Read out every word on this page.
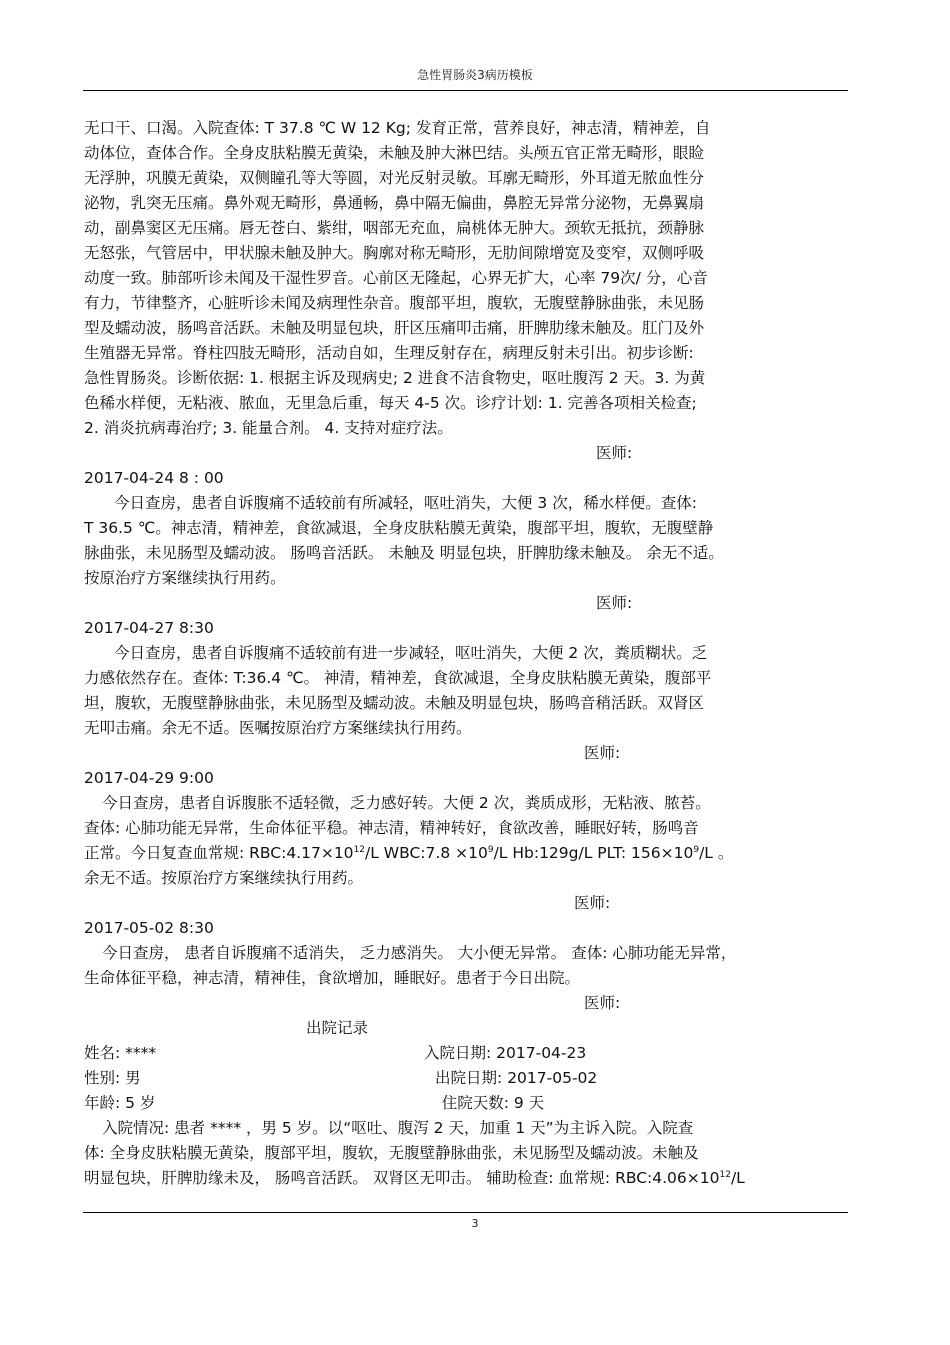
急性胃肠炎3病历模板
无口干、口渴。入院查体: T 37.8 ℃ W 12 Kg; 发育正常，营养良好，神志清，精神差，自
动体位，查体合作。全身皮肤粘膜无黄染，未触及肿大淋巴结。头颅五官正常无畸形，眼睑
无浮肿，巩膜无黄染，双侧瞳孔等大等圆，对光反射灵敏。耳廓无畸形，外耳道无脓血性分
泌物，乳突无压痛。鼻外观无畸形，鼻通畅，鼻中隔无偏曲，鼻腔无异常分泌物，无鼻翼扇
动，副鼻窦区无压痛。唇无苍白、紫绀，咽部无充血，扁桃体无肿大。颈软无抵抗，颈静脉
无怒张，气管居中，甲状腺未触及肿大。胸廓对称无畸形，无肋间隙增宽及变窄，双侧呼吸
动度一致。肺部听诊未闻及干湿性罗音。心前区无隆起，心界无扩大，心率 79次/ 分，心音
有力，节律整齐，心脏听诊未闻及病理性杂音。腹部平坦，腹软，无腹壁静脉曲张，未见肠
型及蠕动波，肠鸣音活跃。未触及明显包块，肝区压痛叩击痛，肝脾肋缘未触及。肛门及外
生殖器无异常。脊柱四肢无畸形，活动自如，生理反射存在，病理反射未引出。初步诊断:
急性胃肠炎。诊断依据: 1. 根据主诉及现病史; 2 进食不洁食物史，呕吐腹泻 2 天。3. 为黄
色稀水样便，无粘液、脓血，无里急后重，每天 4-5 次。诊疗计划: 1. 完善各项相关检查;
2. 消炎抗病毒治疗; 3. 能量合剂。 4. 支持对症疗法。
医师:
2017-04-24 8 : 00
今日查房，患者自诉腹痛不适较前有所减轻，呕吐消失，大便 3 次，稀水样便。查体:
T 36.5 ℃。神志清，精神差，食欲减退，全身皮肤粘膜无黄染，腹部平坦，腹软，无腹壁静
脉曲张，未见肠型及蠕动波。 肠鸣音活跃。 未触及 明显包块，肝脾肋缘未触及。 余无不适。
按原治疗方案继续执行用药。
医师:
2017-04-27 8:30
今日查房，患者自诉腹痛不适较前有进一步减轻，呕吐消失，大便 2 次，粪质糊状。乏
力感依然存在。查体: T:36.4 ℃。 神清，精神差，食欲减退，全身皮肤粘膜无黄染，腹部平
坦，腹软，无腹壁静脉曲张，未见肠型及蠕动波。未触及明显包块，肠鸣音稍活跃。双肾区
无叩击痛。余无不适。医嘱按原治疗方案继续执行用药。
医师:
2017-04-29 9:00
今日查房，患者自诉腹胀不适轻微，乏力感好转。大便 2 次，粪质成形，无粘液、脓苔。
查体: 心肺功能无异常，生命体征平稳。神志清，精神转好，食欲改善，睡眠好转，肠鸣音
正常。今日复查血常规: $RBC:4.17\times 10^{12}/L$ WBC:7.8 $\times 10^9/L$ Hb:129g/L PLT: $156\times 10^9/L$ 。
余无不适。按原治疗方案继续执行用药。
医师:
2017-05-02 8:30
今日查房， 患者自诉腹痛不适消失， 乏力感消失。 大小便无异常。 查体: 心肺功能无异常，
生命体征平稳，神志清，精神佳，食欲增加，睡眠好。患者于今日出院。
医师:
出院记录
姓名: ****	入院日期: 2017-04-23
性别: 男	出院日期: 2017-05-02
年龄: 5 岁	住院天数: 9 天
入院情况: 患者 **** ，男 5 岁。以“呕吐、腹泻 2 天，加重 1 天”为主诉入院。入院查
体: 全身皮肤粘膜无黄染，腹部平坦，腹软，无腹壁静脉曲张，未见肠型及蠕动波。未触及
明显包块，肝脾肋缘未及， 肠鸣音活跃。 双肾区无叩击。 辅助检查: 血常规: $RBC:4.06\times 10^{12}/L$
3
